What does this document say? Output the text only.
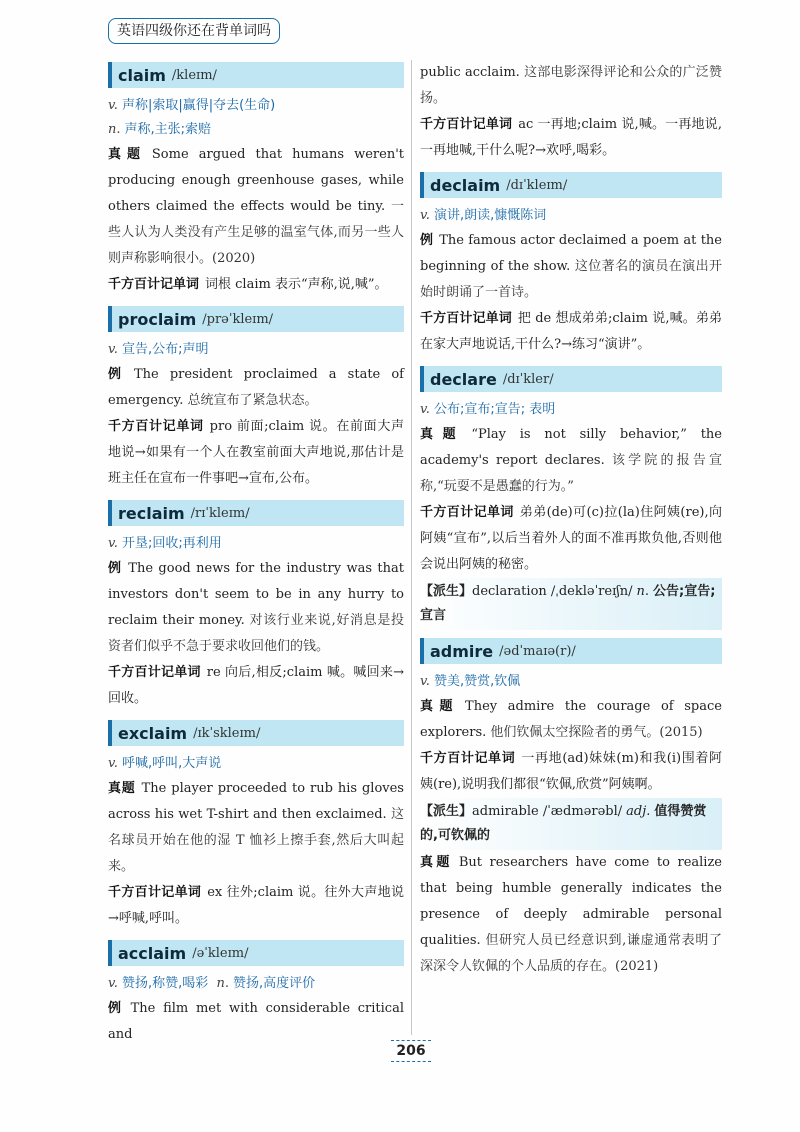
英语四级你还在背单词吗
claim /kleɪm/
v. 声称|索取|赢得|夺去(生命)
n. 声称,主张;索赔

真题 Some argued that humans weren't producing enough greenhouse gases, while others claimed the effects would be tiny. 一些人认为人类没有产生足够的温室气体,而另一些人则声称影响很小。(2020)

千方百计记单词 词根 claim 表示“声称,说,喊”。

proclaim /prəˈkleɪm/
v. 宣告,公布;声明

例 The president proclaimed a state of emergency. 总统宣布了紧急状态。

千方百计记单词 pro 前面;claim 说。在前面大声地说→如果有一个人在教室前面大声地说,那估计是班主任在宣布一件事吧→宣布,公布。

reclaim /rɪˈkleɪm/
v. 开垦;回收;再利用

例 The good news for the industry was that investors don't seem to be in any hurry to reclaim their money. 对该行业来说,好消息是投资者们似乎不急于要求收回他们的钱。

千方百计记单词 re 向后,相反;claim 喊。喊回来→回收。

exclaim /ɪkˈskleɪm/
v. 呼喊,呼叫,大声说

真题 The player proceeded to rub his gloves across his wet T-shirt and then exclaimed. 这名球员开始在他的湿 T 恤衫上擦手套,然后大叫起来。

千方百计记单词 ex 往外;claim 说。往外大声地说→呼喊,呼叫。

acclaim /əˈkleɪm/
v. 赞扬,称赞,喝彩 n. 赞扬,高度评价

例 The film met with considerable critical and

public acclaim. 这部电影深得评论和公众的广泛赞扬。

千方百计记单词 ac 一再地;claim 说,喊。一再地说,一再地喊,干什么呢?→欢呼,喝彩。

declaim /dɪˈkleɪm/
v. 演讲,朗读,慷慨陈词

例 The famous actor declaimed a poem at the beginning of the show. 这位著名的演员在演出开始时朗诵了一首诗。

千方百计记单词 把 de 想成弟弟;claim 说,喊。弟弟在家大声地说话,干什么?→练习“演讲”。

declare /dɪˈkler/
v. 公布;宣布;宣告; 表明

真题 “Play is not silly behavior,” the academy's report declares. 该学院的报告宣称,“玩耍不是愚蠢的行为。”

千方百计记单词 弟弟(de)可(c)拉(la)住阿姨(re),向阿姨“宣布”,以后当着外人的面不准再欺负他,否则他会说出阿姨的秘密。

【派生】declaration /ˌdekləˈreɪʃn/ n. 公告;宣告;宣言
admire /ədˈmaɪə(r)/
v. 赞美,赞赏,钦佩

真题 They admire the courage of space explorers. 他们钦佩太空探险者的勇气。(2015)

千方百计记单词 一再地(ad)妹妹(m)和我(i)围着阿姨(re),说明我们都很“钦佩,欣赏”阿姨啊。

【派生】admirable /ˈædmərəbl/ adj. 值得赞赏的,可钦佩的

真题 But researchers have come to realize that being humble generally indicates the presence of deeply admirable personal qualities. 但研究人员已经意识到,谦虚通常表明了深深令人钦佩的个人品质的存在。(2021)

206
